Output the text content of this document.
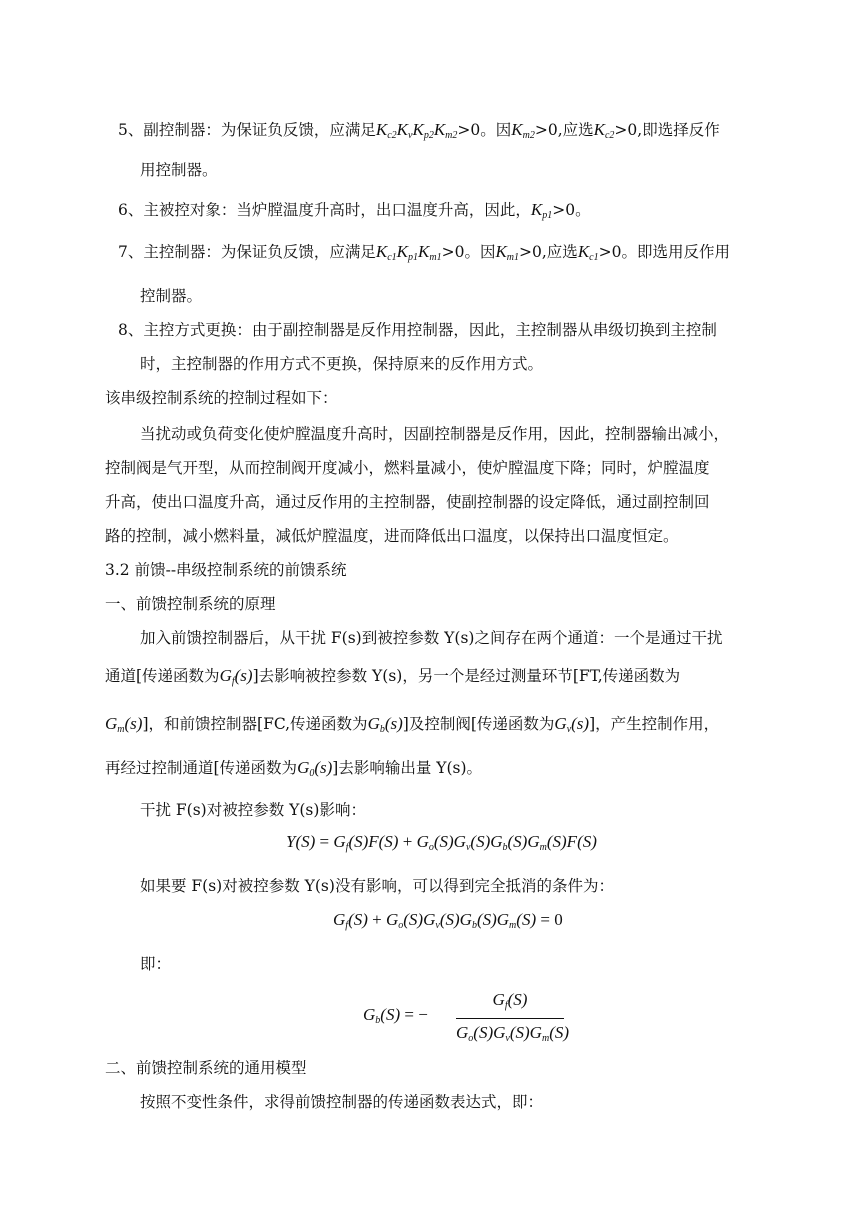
5、副控制器：为保证负反馈，应满足$K_{c2}K_vK_{p2}K_{m2}>0$。因$K_{m2}>0$,应选$K_{c2}>0$,即选择反作
用控制器。
6、主被控对象：当炉膛温度升高时，出口温度升高，因此，$K_{p1}>0$。
7、主控制器：为保证负反馈，应满足$K_{c1}K_{p1}K_{m1}>0$。因$K_{m1}>0$,应选$K_{c1}>0$。即选用反作用
控制器。
8、主控方式更换：由于副控制器是反作用控制器，因此，主控制器从串级切换到主控制
时，主控制器的作用方式不更换，保持原来的反作用方式。
该串级控制系统的控制过程如下：
当扰动或负荷变化使炉膛温度升高时，因副控制器是反作用，因此，控制器输出减小，
控制阀是气开型，从而控制阀开度减小，燃料量减小，使炉膛温度下降；同时，炉膛温度
升高，使出口温度升高，通过反作用的主控制器，使副控制器的设定降低，通过副控制回
路的控制，减小燃料量，减低炉膛温度，进而降低出口温度，以保持出口温度恒定。
3.2 前馈--串级控制系统的前馈系统
一、前馈控制系统的原理
加入前馈控制器后，从干扰 F(s)到被控参数 Y(s)之间存在两个通道：一个是通过干扰
通道[传递函数为$G_f(s)$]去影响被控参数 Y(s)，另一个是经过测量环节[FT,传递函数为
$G_m(s)$]，和前馈控制器[FC,传递函数为$G_b(s)$]及控制阀[传递函数为$G_v(s)$]，产生控制作用，
再经过控制通道[传递函数为$G_0(s)$]去影响输出量 Y(s)。
干扰 F(s)对被控参数 Y(s)影响：
$Y(S) = G_f(S)F(S) + G_o(S)G_v(S)G_b(S)G_m(S)F(S)$
如果要 F(s)对被控参数 Y(s)没有影响，可以得到完全抵消的条件为：
$G_f(S) + G_o(S)G_v(S)G_b(S)G_m(S) = 0$
即：
$G_b(S)$ = −
$G_f(S)$
$G_o(S)G_v(S)G_m(S)$
二、前馈控制系统的通用模型
按照不变性条件，求得前馈控制器的传递函数表达式，即：
